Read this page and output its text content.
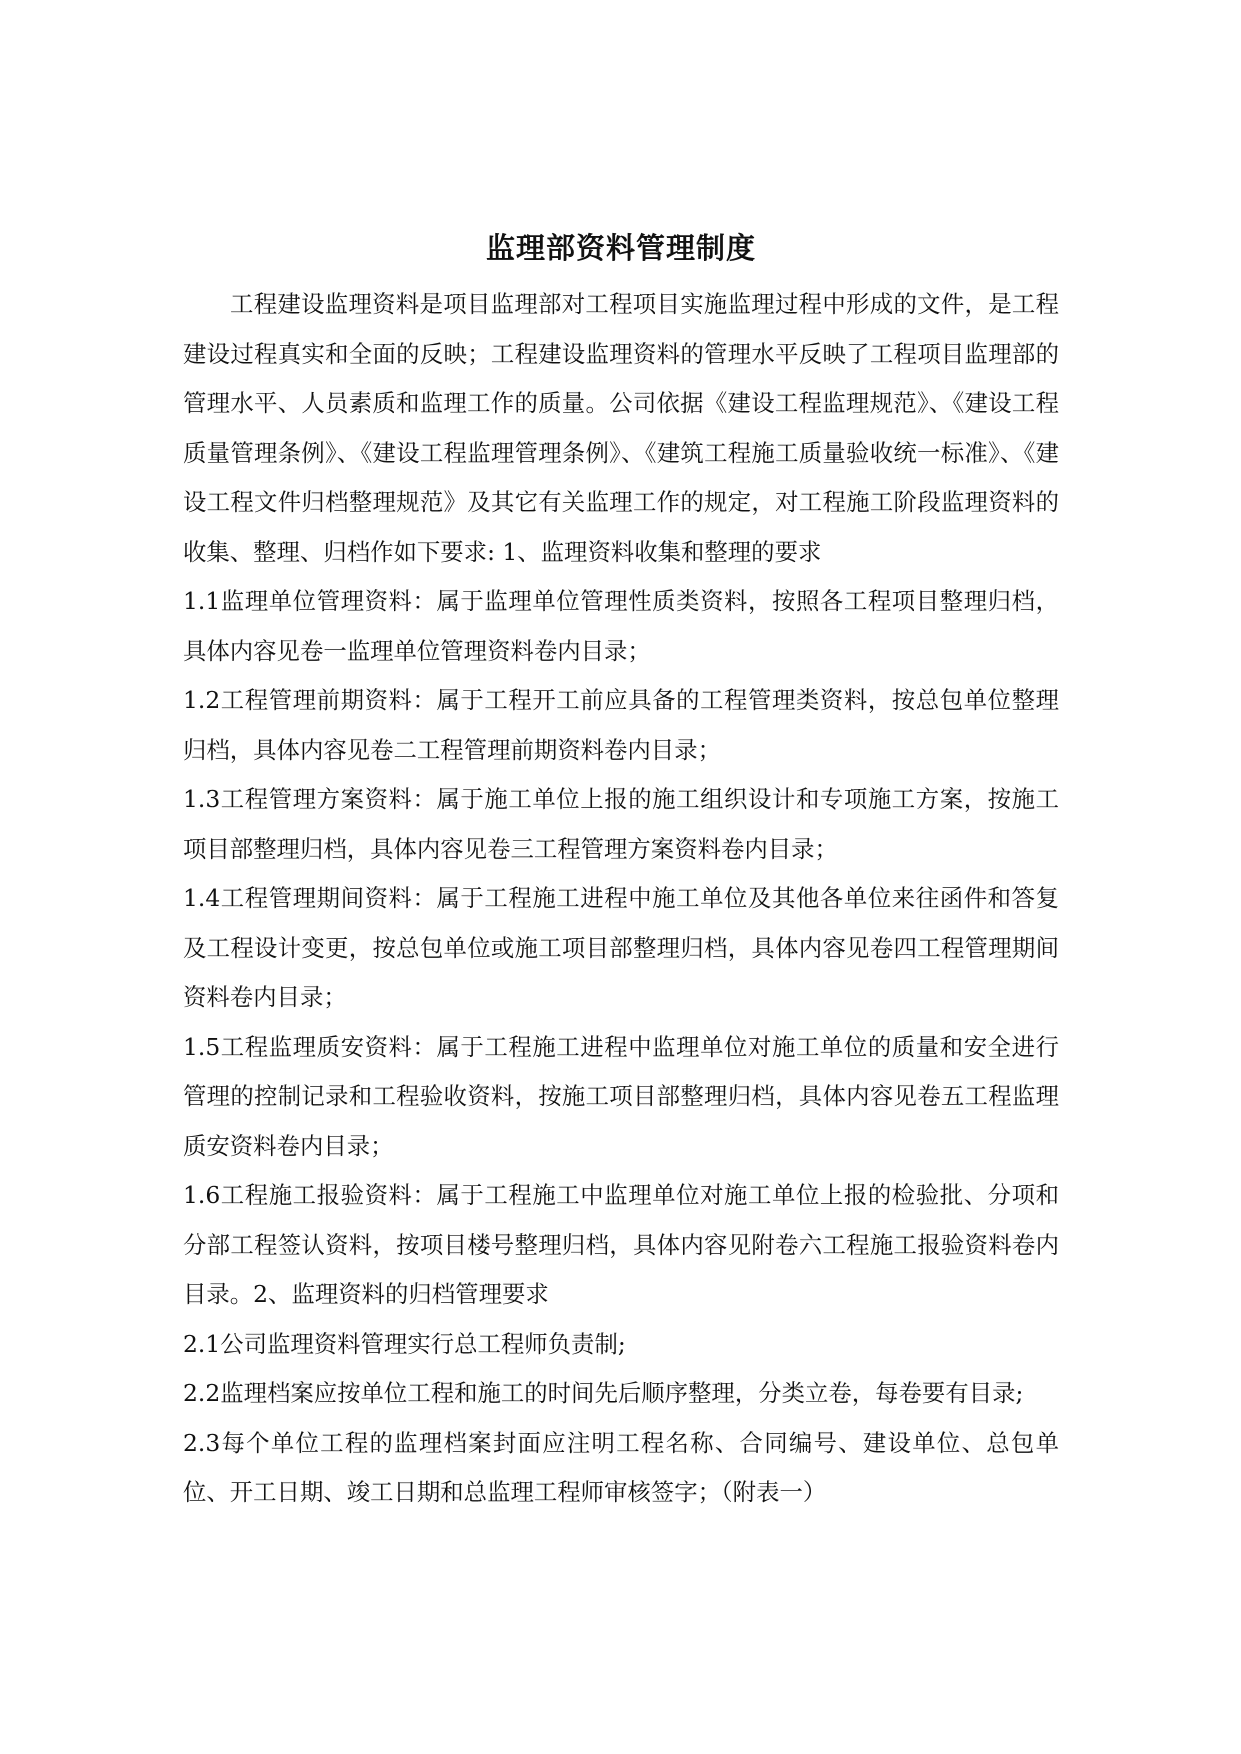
监理部资料管理制度

工程建设监理资料是项目监理部对工程项目实施监理过程中形成的文件，是工程建设过程真实和全面的反映；工程建设监理资料的管理水平反映了工程项目监理部的管理水平、人员素质和监理工作的质量。公司依据《建设工程监理规范》、《建设工程质量管理条例》、《建设工程监理管理条例》、《建筑工程施工质量验收统一标准》、《建设工程文件归档整理规范》及其它有关监理工作的规定，对工程施工阶段监理资料的收集、整理、归档作如下要求: 1、监理资料收集和整理的要求

1.1监理单位管理资料：属于监理单位管理性质类资料，按照各工程项目整理归档，具体内容见卷一监理单位管理资料卷内目录；

1.2工程管理前期资料：属于工程开工前应具备的工程管理类资料，按总包单位整理归档，具体内容见卷二工程管理前期资料卷内目录；

1.3工程管理方案资料：属于施工单位上报的施工组织设计和专项施工方案，按施工项目部整理归档，具体内容见卷三工程管理方案资料卷内目录；

1.4工程管理期间资料：属于工程施工进程中施工单位及其他各单位来往函件和答复及工程设计变更，按总包单位或施工项目部整理归档，具体内容见卷四工程管理期间资料卷内目录；

1.5工程监理质安资料：属于工程施工进程中监理单位对施工单位的质量和安全进行管理的控制记录和工程验收资料，按施工项目部整理归档，具体内容见卷五工程监理质安资料卷内目录；

1.6工程施工报验资料：属于工程施工中监理单位对施工单位上报的检验批、分项和分部工程签认资料，按项目楼号整理归档，具体内容见附卷六工程施工报验资料卷内目录。2、监理资料的归档管理要求

2.1公司监理资料管理实行总工程师负责制;

2.2监理档案应按单位工程和施工的时间先后顺序整理，分类立卷，每卷要有目录;

2.3每个单位工程的监理档案封面应注明工程名称、合同编号、建设单位、总包单位、开工日期、竣工日期和总监理工程师审核签字；（附表一）
